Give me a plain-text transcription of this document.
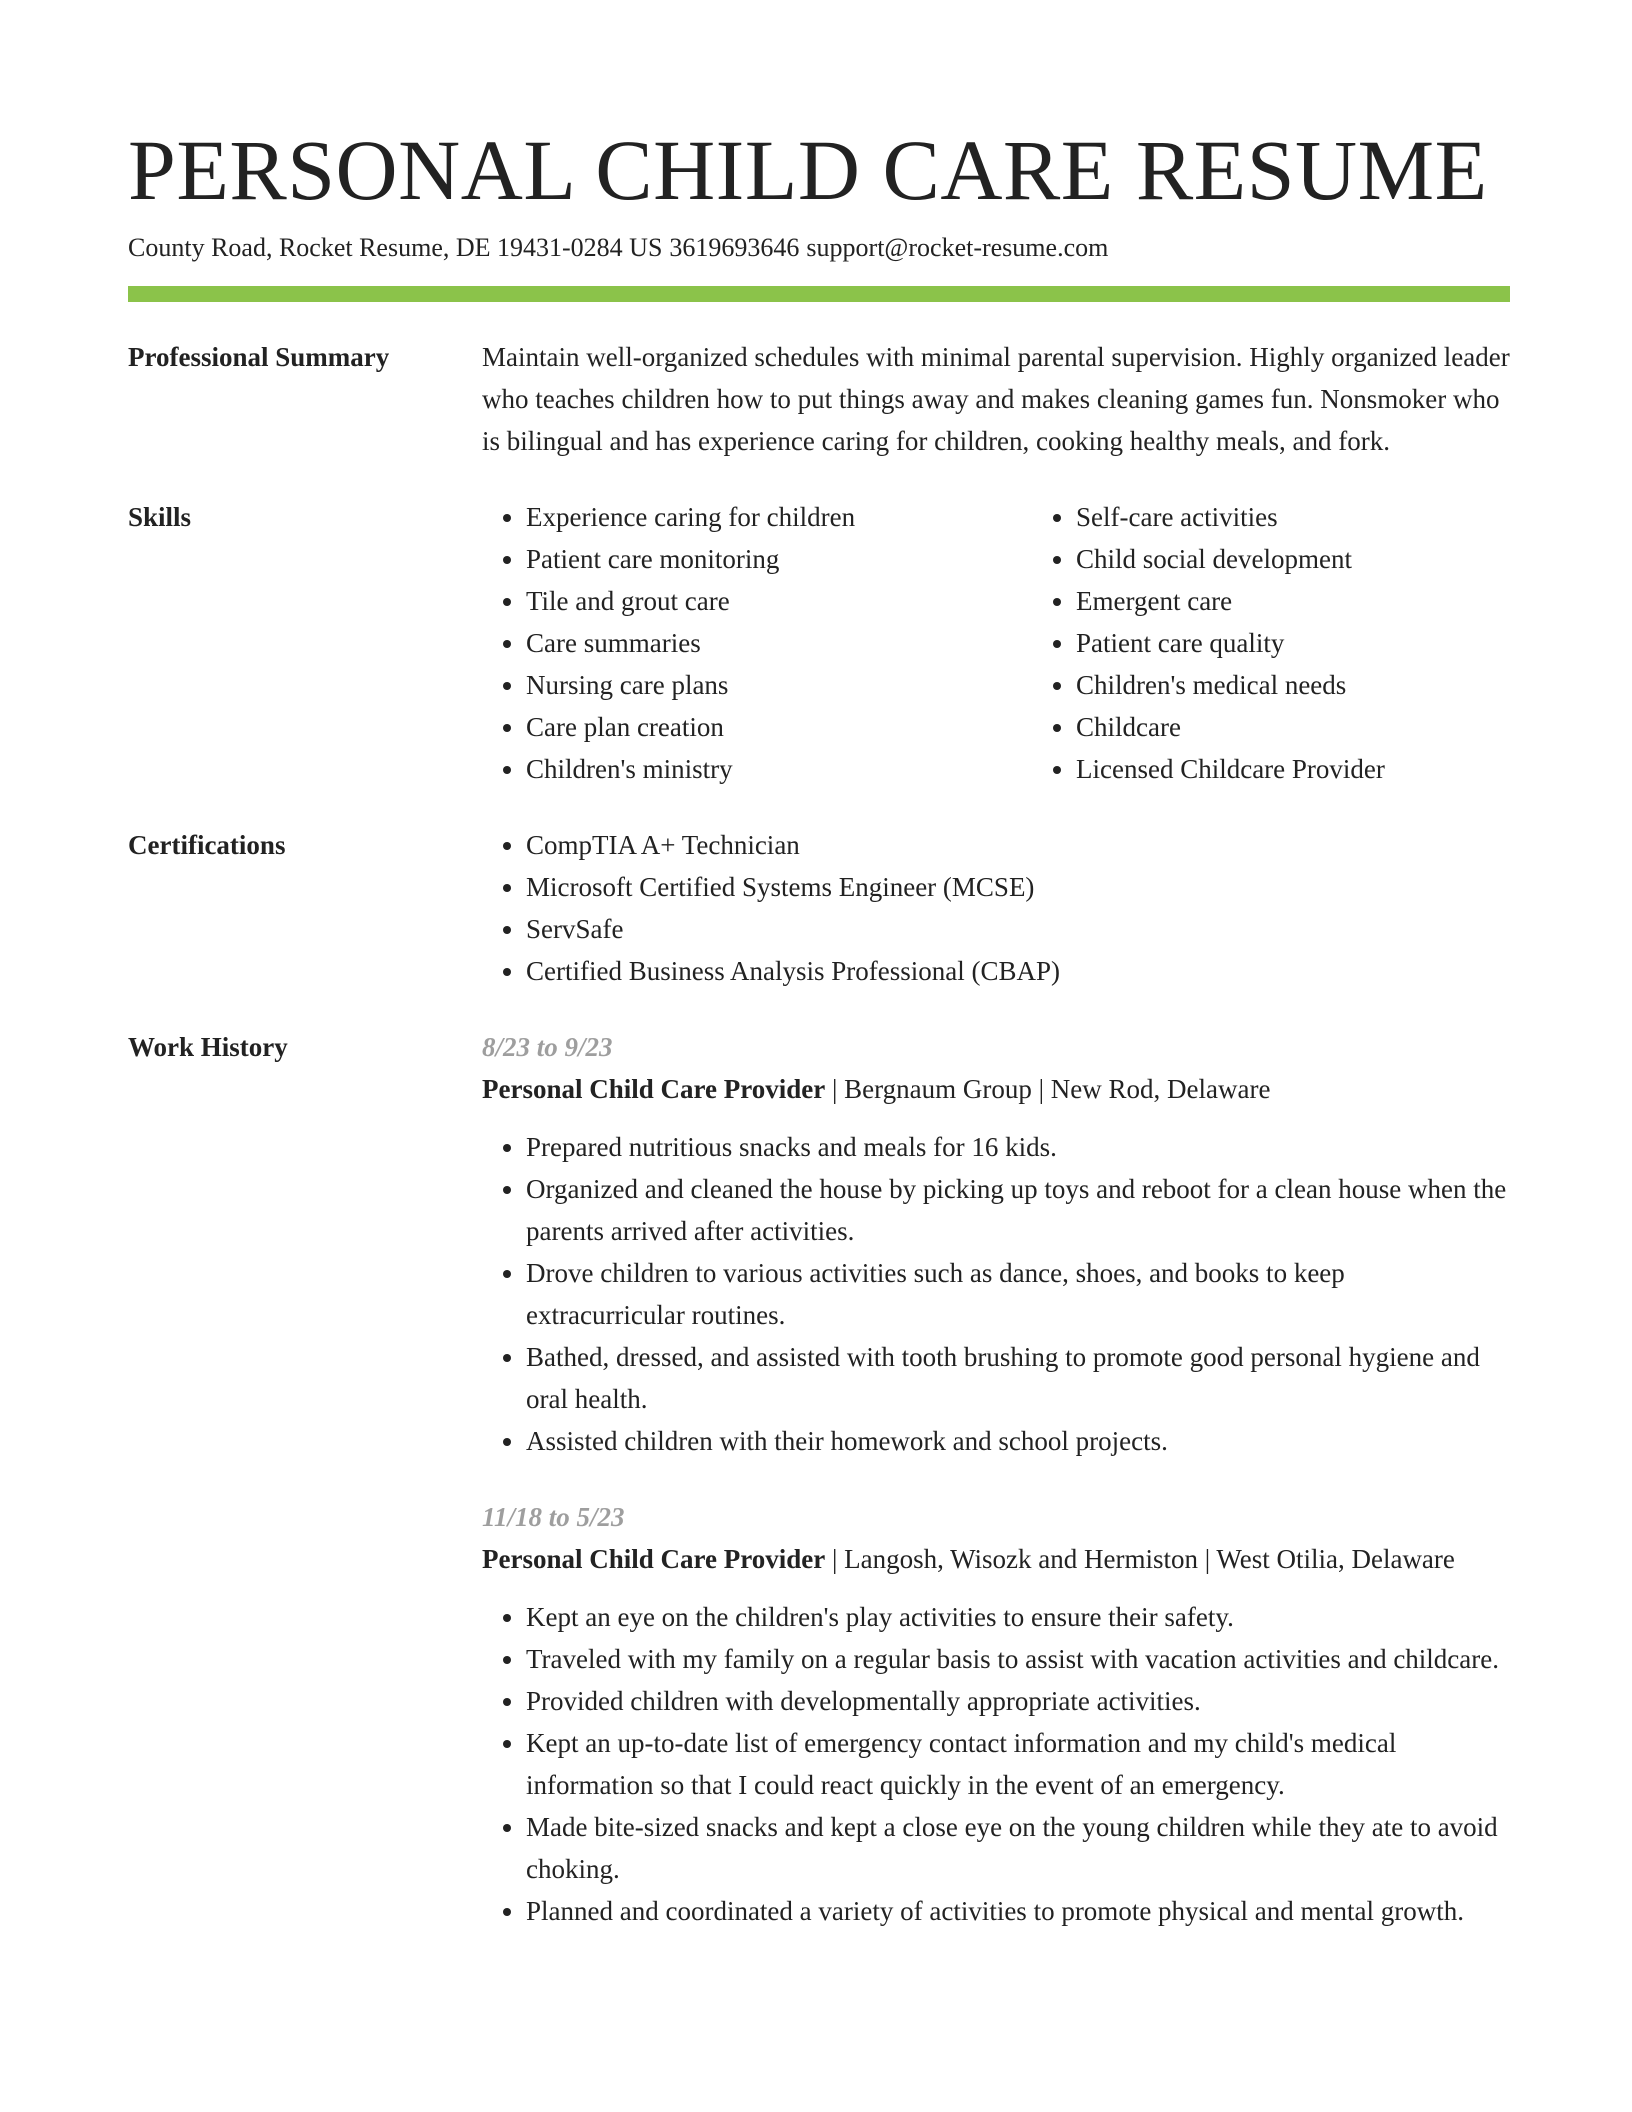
PERSONAL CHILD CARE RESUME
County Road, Rocket Resume, DE 19431-0284 US 3619693646 support@rocket-resume.com
Professional Summary	Maintain well-organized schedules with minimal parental supervision. Highly organized leader who teaches children how to put things away and makes cleaning games fun. Nonsmoker who is bilingual and has experience caring for children, cooking healthy meals, and fork.

Skills	• Experience caring for children
• Patient care monitoring
• Tile and grout care
• Care summaries
• Nursing care plans
• Care plan creation
• Children's ministry
• Self-care activities
• Child social development
• Emergent care
• Patient care quality
• Children's medical needs
• Childcare
• Licensed Childcare Provider
Certifications	• CompTIA A+ Technician
• Microsoft Certified Systems Engineer (MCSE)
• ServSafe
• Certified Business Analysis Professional (CBAP)
Work History	8/23 to 9/23
Personal Child Care Provider | Bergnaum Group | New Rod, Delaware
• Prepared nutritious snacks and meals for 16 kids.
• Organized and cleaned the house by picking up toys and reboot for a clean house when the parents arrived after activities.
• Drove children to various activities such as dance, shoes, and books to keep extracurricular routines.
• Bathed, dressed, and assisted with tooth brushing to promote good personal hygiene and oral health.
• Assisted children with their homework and school projects.
11/18 to 5/23
Personal Child Care Provider | Langosh, Wisozk and Hermiston | West Otilia, Delaware
• Kept an eye on the children's play activities to ensure their safety.
• Traveled with my family on a regular basis to assist with vacation activities and childcare.
• Provided children with developmentally appropriate activities.
• Kept an up-to-date list of emergency contact information and my child's medical information so that I could react quickly in the event of an emergency.
• Made bite-sized snacks and kept a close eye on the young children while they ate to avoid choking.
• Planned and coordinated a variety of activities to promote physical and mental growth.
